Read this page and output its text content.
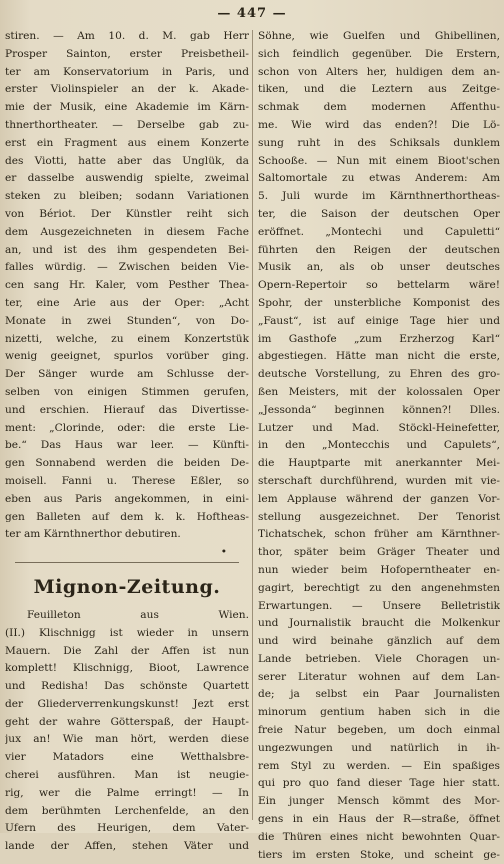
— 447 —
stiren. — Am 10. d. M. gab Herr
Prosper Sainton, erster Preisbetheil-
ter am Konservatorium in Paris, und
erster Violinspieler an der k. Akade-
mie der Musik, eine Akademie im Kärn-
thnerthortheater. — Derselbe gab zu-
erst ein Fragment aus einem Konzerte
des Viotti, hatte aber das Unglük, da
er dasselbe auswendig spielte, zweimal
steken zu bleiben; sodann Variationen
von Bériot. Der Künstler reiht sich
dem Ausgezeichneten in diesem Fache
an, und ist des ihm gespendeten Bei-
falles würdig. — Zwischen beiden Vie-
cen sang Hr. Kaler, vom Pesther Thea-
ter, eine Arie aus der Oper: „Acht
Monate in zwei Stunden“, von Do-
nizetti, welche, zu einem Konzertstük
wenig geeignet, spurlos vorüber ging.
Der Sänger wurde am Schlusse der-
selben von einigen Stimmen gerufen,
und erschien. Hierauf das Divertisse-
ment: „Clorinde, oder: die erste Lie-
be.“ Das Haus war leer. — Künfti-
gen Sonnabend werden die beiden De-
moisell. Fanni u. Therese Eßler, so
eben aus Paris angekommen, in eini-
gen Balleten auf dem k. k. Hoftheas-
ter am Kärnthnerthor debutiren.
•
Mignon-Zeitung.
Feuilleton aus Wien.
(II.) Klischnigg ist wieder in unsern
Mauern. Die Zahl der Affen ist nun
komplett! Klischnigg, Bioot, Lawrence
und Redisha! Das schönste Quartett
der Gliederverrenkungskunst! Jezt erst
geht der wahre Götterspaß, der Haupt-
jux an! Wie man hört, werden diese
vier Matadors eine Wetthalsbre-
cherei ausführen. Man ist neugie-
rig, wer die Palme erringt! — In
dem berühmten Lerchenfelde, an den
Ufern des Heurigen, dem Vater-
lande der Affen, stehen Väter und
Söhne, wie Guelfen und Ghibellinen,
sich feindlich gegenüber. Die Erstern,
schon von Alters her, huldigen dem an-
tiken, und die Leztern aus Zeitge-
schmak dem modernen Affenthu-
me. Wie wird das enden?! Die Lö-
sung ruht in des Schiksals dunklem
Schooße. — Nun mit einem Bioot'schen
Saltomortale zu etwas Anderem: Am
5. Juli wurde im Kärnthnerthortheas-
ter, die Saison der deutschen Oper
eröffnet. „Montechi und Capuletti“
führten den Reigen der deutschen
Musik an, als ob unser deutsches
Opern-Repertoir so bettelarm wäre!
Spohr, der unsterbliche Komponist des
„Faust“, ist auf einige Tage hier und
im Gasthofe „zum Erzherzog Karl“
abgestiegen. Hätte man nicht die erste,
deutsche Vorstellung, zu Ehren des gro-
ßen Meisters, mit der kolossalen Oper
„Jessonda“ beginnen können?! Dlles.
Lutzer und Mad. Stöckl-Heinefetter,
in den „Montecchis und Capulets“,
die Hauptparte mit anerkannter Mei-
sterschaft durchführend, wurden mit vie-
lem Applause während der ganzen Vor-
stellung ausgezeichnet. Der Tenorist
Tichatschek, schon früher am Kärnthner-
thor, später beim Gräger Theater und
nun wieder beim Hofoperntheater en-
gagirt, berechtigt zu den angenehmsten
Erwartungen. — Unsere Belletristik
und Journalistik braucht die Molkenkur
und wird beinahe gänzlich auf dem
Lande betrieben. Viele Choragen un-
serer Literatur wohnen auf dem Lan-
de; ja selbst ein Paar Journalisten
minorum gentium haben sich in die
freie Natur begeben, um doch einmal
ungezwungen und natürlich in ih-
rem Styl zu werden. — Ein spaßiges
qui pro quo fand dieser Tage hier statt.
Ein junger Mensch kömmt des Mor-
gens in ein Haus der R—straße, öffnet
die Thüren eines nicht bewohnten Quar-
tiers im ersten Stoke, und scheint ge-
